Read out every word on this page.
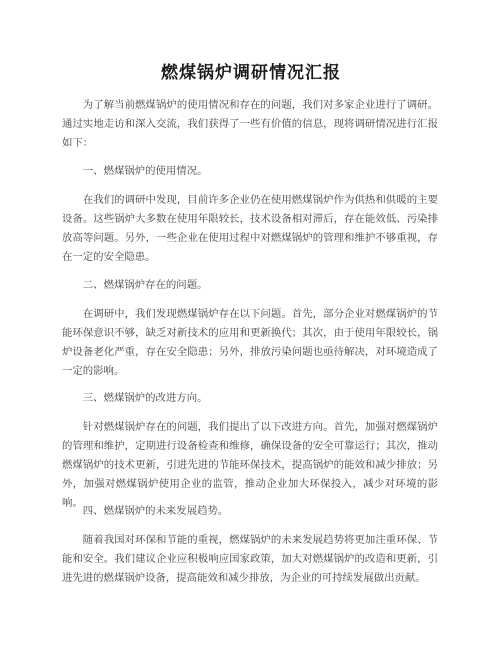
燃煤锅炉调研情况汇报

为了解当前燃煤锅炉的使用情况和存在的问题，我们对多家企业进行了调研。通过实地走访和深入交流，我们获得了一些有价值的信息，现将调研情况进行汇报如下：

一、燃煤锅炉的使用情况。

在我们的调研中发现，目前许多企业仍在使用燃煤锅炉作为供热和供暖的主要设备。这些锅炉大多数在使用年限较长，技术设备相对滞后，存在能效低、污染排放高等问题。另外，一些企业在使用过程中对燃煤锅炉的管理和维护不够重视，存在一定的安全隐患。

二、燃煤锅炉存在的问题。

在调研中，我们发现燃煤锅炉存在以下问题。首先，部分企业对燃煤锅炉的节能环保意识不够，缺乏对新技术的应用和更新换代；其次，由于使用年限较长，锅炉设备老化严重，存在安全隐患；另外，排放污染问题也亟待解决，对环境造成了一定的影响。

三、燃煤锅炉的改进方向。

针对燃煤锅炉存在的问题，我们提出了以下改进方向。首先，加强对燃煤锅炉的管理和维护，定期进行设备检查和维修，确保设备的安全可靠运行；其次，推动燃煤锅炉的技术更新，引进先进的节能环保技术，提高锅炉的能效和减少排放；另外，加强对燃煤锅炉使用企业的监管，推动企业加大环保投入，减少对环境的影响。

四、燃煤锅炉的未来发展趋势。

随着我国对环保和节能的重视，燃煤锅炉的未来发展趋势将更加注重环保、节能和安全。我们建议企业应积极响应国家政策，加大对燃煤锅炉的改造和更新，引进先进的燃煤锅炉设备，提高能效和减少排放，为企业的可持续发展做出贡献。
